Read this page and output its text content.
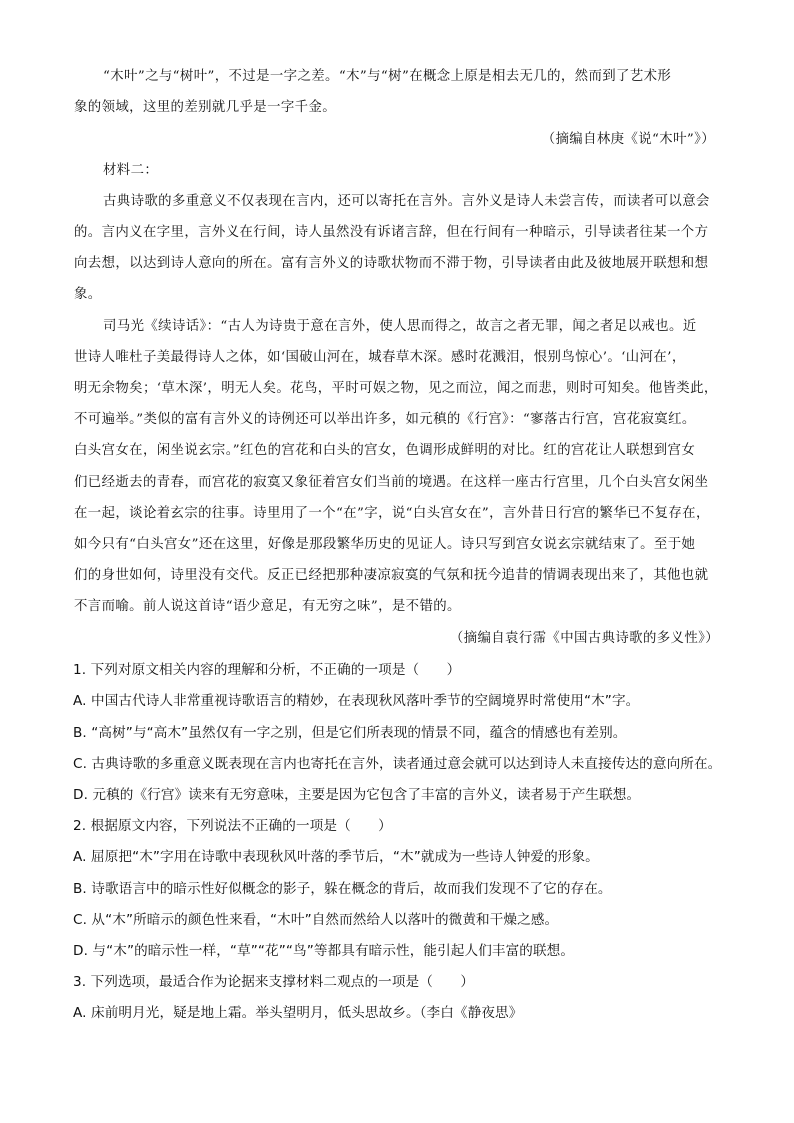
“木叶”之与“树叶”，不过是一字之差。“木”与“树”在概念上原是相去无几的，然而到了艺术形
象的领域，这里的差别就几乎是一字千金。
（摘编自林庚《说“木叶”》）
材料二：
古典诗歌的多重意义不仅表现在言内，还可以寄托在言外。言外义是诗人未尝言传，而读者可以意会
的。言内义在字里，言外义在行间，诗人虽然没有诉诸言辞，但在行间有一种暗示，引导读者往某一个方
向去想，以达到诗人意向的所在。富有言外义的诗歌状物而不滞于物，引导读者由此及彼地展开联想和想
象。
司马光《续诗话》：“古人为诗贵于意在言外，使人思而得之，故言之者无罪，闻之者足以戒也。近
世诗人唯杜子美最得诗人之体，如‘国破山河在，城春草木深。感时花溅泪，恨别鸟惊心’。‘山河在’，
明无余物矣；‘草木深’，明无人矣。花鸟，平时可娱之物，见之而泣，闻之而悲，则时可知矣。他皆类此，
不可遍举。”类似的富有言外义的诗例还可以举出许多，如元稹的《行宫》：“寥落古行宫，宫花寂寞红。
白头宫女在，闲坐说玄宗。”红色的宫花和白头的宫女，色调形成鲜明的对比。红的宫花让人联想到宫女
们已经逝去的青春，而宫花的寂寞又象征着宫女们当前的境遇。在这样一座古行宫里，几个白头宫女闲坐
在一起，谈论着玄宗的往事。诗里用了一个“在”字，说“白头宫女在”，言外昔日行宫的繁华已不复存在，
如今只有“白头宫女”还在这里，好像是那段繁华历史的见证人。诗只写到宫女说玄宗就结束了。至于她
们的身世如何，诗里没有交代。反正已经把那种凄凉寂寞的气氛和抚今追昔的情调表现出来了，其他也就
不言而喻。前人说这首诗“语少意足，有无穷之味”，是不错的。
（摘编自袁行霈《中国古典诗歌的多义性》）
1. 下列对原文相关内容的理解和分析，不正确的一项是（　　）
A. 中国古代诗人非常重视诗歌语言的精妙，在表现秋风落叶季节的空阔境界时常使用“木”字。
B. “高树”与“高木”虽然仅有一字之别，但是它们所表现的情景不同，蕴含的情感也有差别。
C. 古典诗歌的多重意义既表现在言内也寄托在言外，读者通过意会就可以达到诗人未直接传达的意向所在。
D. 元稹的《行宫》读来有无穷意味，主要是因为它包含了丰富的言外义，读者易于产生联想。
2. 根据原文内容，下列说法不正确的一项是（　　）
A. 屈原把“木”字用在诗歌中表现秋风叶落的季节后，“木”就成为一些诗人钟爱的形象。
B. 诗歌语言中的暗示性好似概念的影子，躲在概念的背后，故而我们发现不了它的存在。
C. 从“木”所暗示的颜色性来看，“木叶”自然而然给人以落叶的微黄和干燥之感。
D. 与“木”的暗示性一样，“草”“花”“鸟”等都具有暗示性，能引起人们丰富的联想。
3. 下列选项，最适合作为论据来支撑材料二观点的一项是（　　）
A. 床前明月光，疑是地上霜。举头望明月，低头思故乡。（李白《静夜思》
